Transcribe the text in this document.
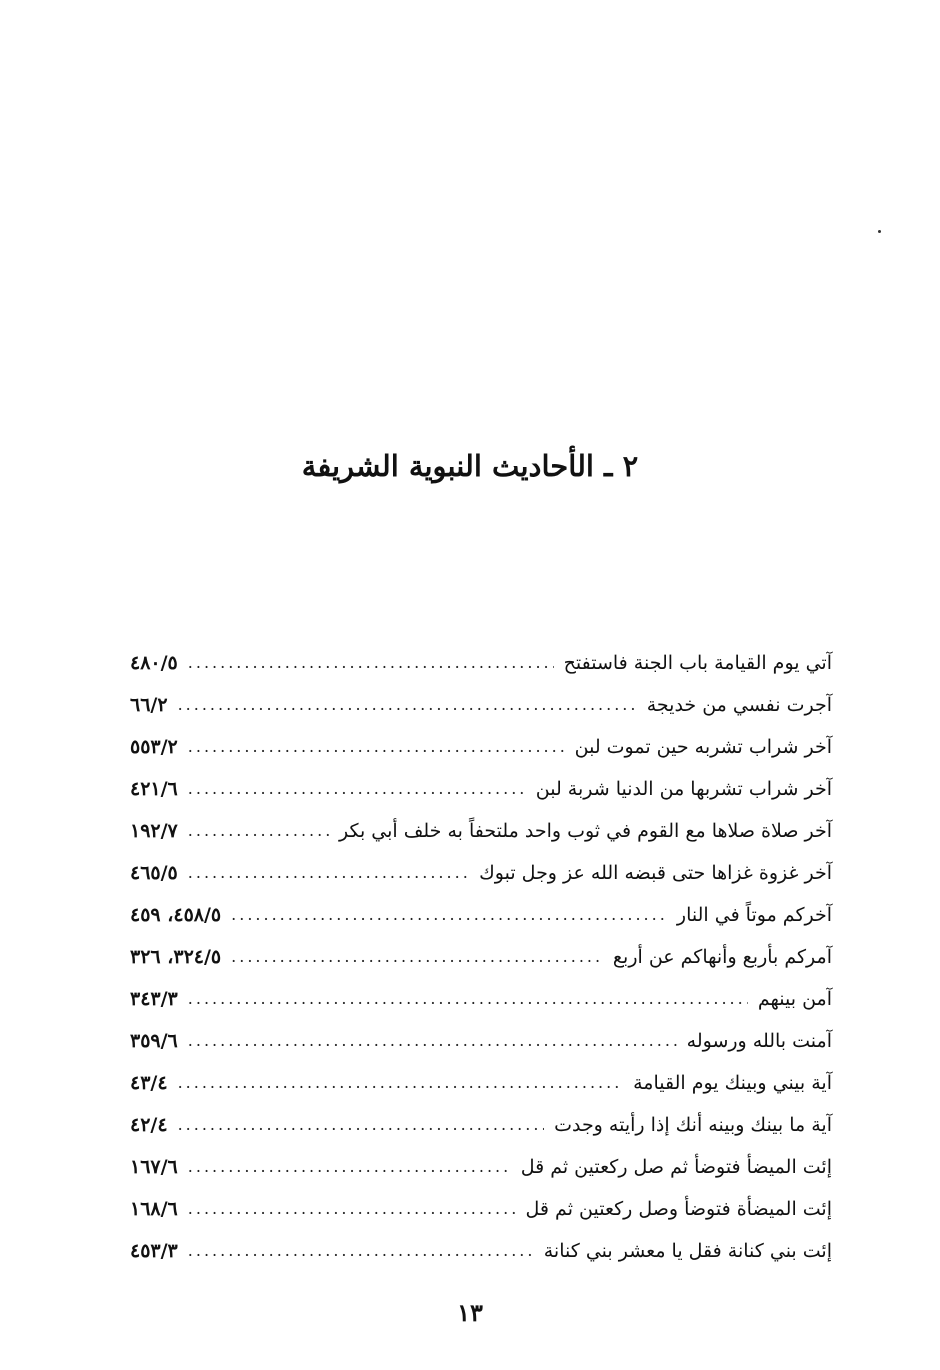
٢ ـ الأحاديث النبوية الشريفة
آتي يوم القيامة باب الجنة فاستفتح
.....
٤٨٠/٥
آجرت نفسي من خديجة
.....
٦٦/٢
آخر شراب تشربه حين تموت لبن
.....
٥٥٣/٢
آخر شراب تشربها من الدنيا شربة لبن
.....
٤٢١/٦
آخر صلاة صلاها مع القوم في ثوب واحد ملتحفاً به خلف أبي بكر
.....
١٩٢/٧
آخر غزوة غزاها حتى قبضه الله عز وجل تبوك
.....
٤٦٥/٥
آخركم موتاً في النار
.....
٤٥٨/٥، ٤٥٩
آمركم بأربع وأنهاكم عن أربع
.....
٣٢٤/٥، ٣٢٦
آمن بينهم
.....
٣٤٣/٣
آمنت بالله ورسوله
.....
٣٥٩/٦
آية بيني وبينك يوم القيامة
.....
٤٣/٤
آية ما بينك وبينه أنك إذا رأيته وجدت
.....
٤٢/٤
إئت الميضأ فتوضأ ثم صل ركعتين ثم قل
.....
١٦٧/٦
إئت الميضأة فتوضأ وصل ركعتين ثم قل
.....
١٦٨/٦
إئت بني كنانة فقل يا معشر بني كنانة
.....
٤٥٣/٣
١٣
